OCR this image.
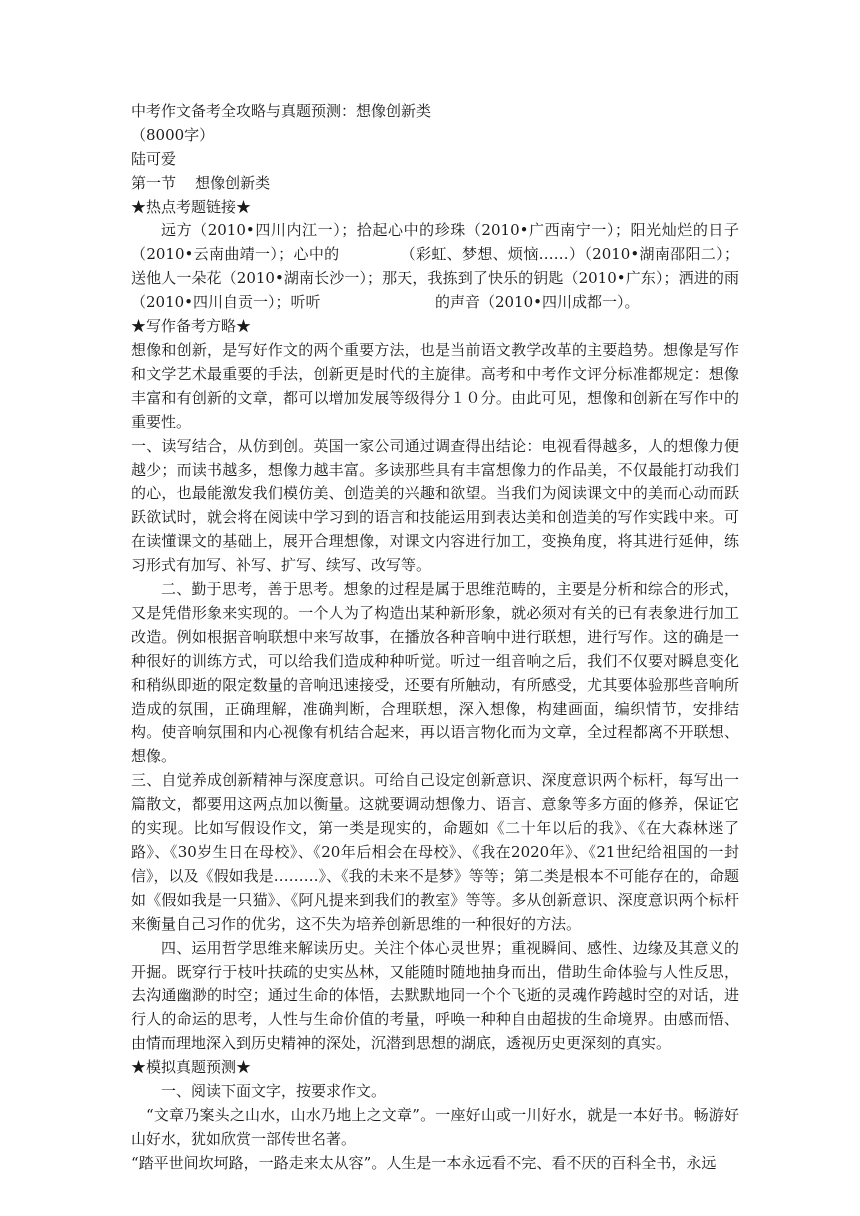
中考作文备考全攻略与真题预测：想像创新类
（8000字）
陆可爱
第一节    想像创新类
★热点考题链接★
远方（2010•四川内江一）；拾起心中的珍珠（2010•广西南宁一）；阳光灿烂的日子（2010•云南曲靖一）；心中的            （彩虹、梦想、烦恼……）（2010•湖南邵阳二）；送他人一朵花（2010•湖南长沙一）；那天，我拣到了快乐的钥匙（2010•广东）；洒进的雨（2010•四川自贡一）；听听                        的声音（2010•四川成都一）。
★写作备考方略★
想像和创新，是写好作文的两个重要方法，也是当前语文教学改革的主要趋势。想像是写作和文学艺术最重要的手法，创新更是时代的主旋律。高考和中考作文评分标准都规定：想像丰富和有创新的文章，都可以增加发展等级得分１０分。由此可见，想像和创新在写作中的重要性。
一、读写结合，从仿到创。英国一家公司通过调查得出结论：电视看得越多，人的想像力便越少；而读书越多，想像力越丰富。多读那些具有丰富想像力的作品美，不仅最能打动我们的心，也最能激发我们模仿美、创造美的兴趣和欲望。当我们为阅读课文中的美而心动而跃跃欲试时，就会将在阅读中学习到的语言和技能运用到表达美和创造美的写作实践中来。可在读懂课文的基础上，展开合理想像，对课文内容进行加工，变换角度，将其进行延伸，练习形式有加写、补写、扩写、续写、改写等。
二、勤于思考，善于思考。想象的过程是属于思维范畴的，主要是分析和综合的形式，又是凭借形象来实现的。一个人为了构造出某种新形象，就必须对有关的已有表象进行加工改造。例如根据音响联想中来写故事，在播放各种音响中进行联想，进行写作。这的确是一种很好的训练方式，可以给我们造成种种听觉。听过一组音响之后，我们不仅要对瞬息变化和稍纵即逝的限定数量的音响迅速接受，还要有所触动，有所感受，尤其要体验那些音响所造成的氛围，正确理解，准确判断，合理联想，深入想像，构建画面，编织情节，安排结构。使音响氛围和内心视像有机结合起来，再以语言物化而为文章，全过程都离不开联想、想像。
三、自觉养成创新精神与深度意识。可给自己设定创新意识、深度意识两个标杆，每写出一篇散文，都要用这两点加以衡量。这就要调动想像力、语言、意象等多方面的修养，保证它的实现。比如写假设作文，第一类是现实的，命题如《二十年以后的我》、《在大森林迷了路》、《30岁生日在母校》、《20年后相会在母校》、《我在2020年》、《21世纪给祖国的一封信》，以及《假如我是………》、《我的未来不是梦》等等；第二类是根本不可能存在的，命题如《假如我是一只猫》、《阿凡提来到我们的教室》等等。多从创新意识、深度意识两个标杆来衡量自己习作的优劣，这不失为培养创新思维的一种很好的方法。
四、运用哲学思维来解读历史。关注个体心灵世界；重视瞬间、感性、边缘及其意义的开掘。既穿行于枝叶扶疏的史实丛林，又能随时随地抽身而出，借助生命体验与人性反思，去沟通幽渺的时空；通过生命的体悟，去默默地同一个个飞逝的灵魂作跨越时空的对话，进行人的命运的思考，人性与生命价值的考量，呼唤一种种自由超拔的生命境界。由感而悟、由情而理地深入到历史精神的深处，沉潜到思想的湖底，透视历史更深刻的真实。
★模拟真题预测★
一、阅读下面文字，按要求作文。
“文章乃案头之山水，山水乃地上之文章”。一座好山或一川好水，就是一本好书。畅游好山好水，犹如欣赏一部传世名著。
“踏平世间坎坷路，一路走来太从容”。人生是一本永远看不完、看不厌的百科全书，永远
